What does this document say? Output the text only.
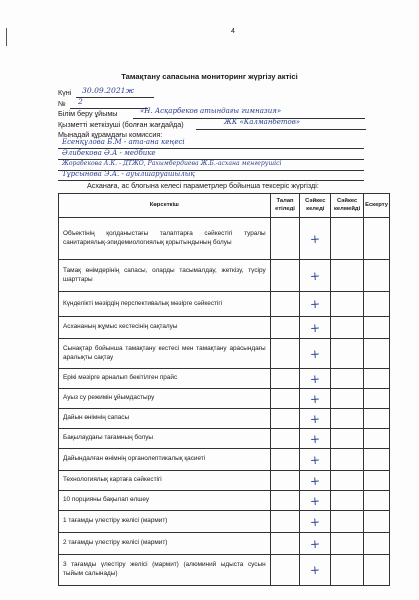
4
Тамақтану сапасына мониторинг жүргізу актісі
Күні 30.09.2021ж
№ 2
Білім беру ұйымы	«Н. Асқарбеков атындағы гимназия»
Қызметті жеткізуші (болған жағдайда)	ЖК «Калманбетов»
Мынадай құрамдағы комиссия:
Есенқұлова Б.М - ата-ана кеңесі
Әлибекова Ә.А - медбике
Жорабекова А.К. - ДТЖО, Рахымбердиева Ж.Б.-асхана менгерушісі
Тұрсынова Э.А. - ауылшаруашылық
Асханаға, ас блогына келесі параметрлер бойынша тексеріс жүргізді:
Көрсеткіш	Талап етіледі	Сәйкес келеді	Сәйкес келмейді	Ескерту
Объектінің қолданыстағы талаптарға сәйкестігі туралы санитариялық-эпидемиологиялық қорытындының болуы		+		
Тамақ өнімдерінің сапасы, оларды тасымалдау, жеткізу, түсіру шарттары		+		
Күнделікті мәзірдің перспективалық мәзірге сәйкестігі		+		
Асхананың жұмыс кестесінің сақталуы		+		
Сынақтар бойынша тамақтану кестесі мен тамақтану арасындағы аралықты сақтау		+		
Ерікі мәзірге арналып бекітілген прайс		+		
Ауыз су режимін ұйымдастыру		+		
Дайын өнімнің сапасы		+		
Бақылаудағы тағамның болуы		+		
Дайындалған өнімнің органолептикалық қасиеті		+		
Технологиялық картаға сәйкестігі		+		
10 порцияны бақылап өлшеу		+		
1 тағамды үлестіру желісі (мармит)		+		
2 тағамды үлестіру желісі (мармит)		+		
3 тағамды үлестіру желісі (мармит) (алюминий ыдыста сусын тыйым салынады)		+		
